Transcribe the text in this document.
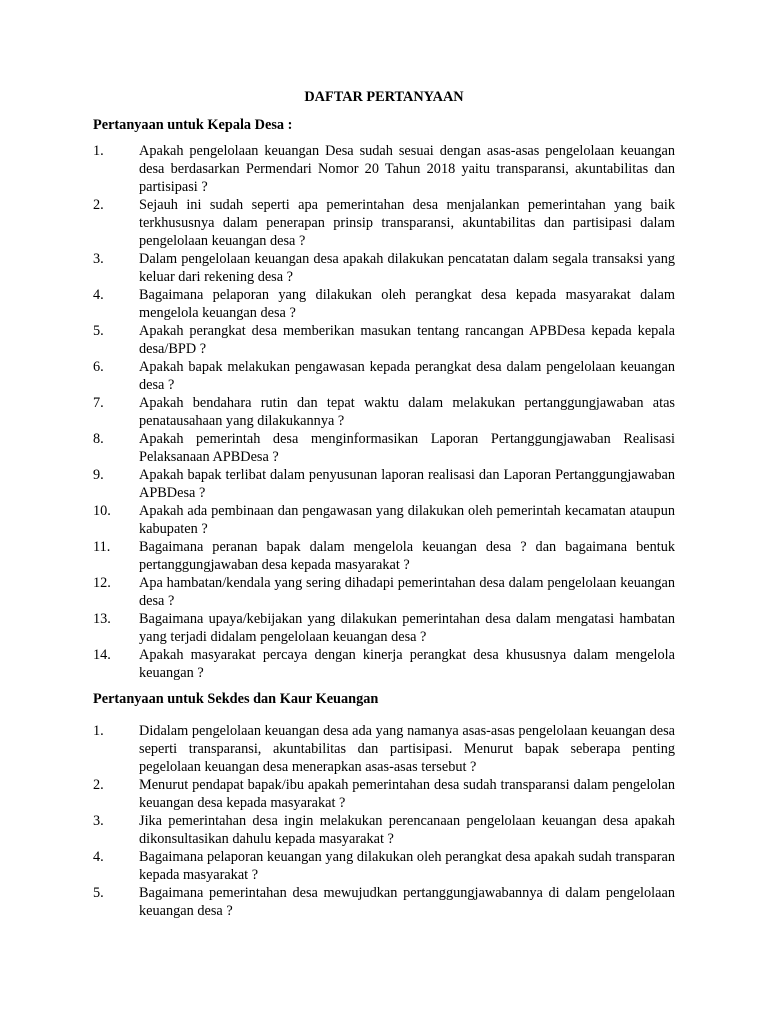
DAFTAR PERTANYAAN
Pertanyaan untuk Kepala Desa :
1.	Apakah pengelolaan keuangan Desa sudah sesuai dengan asas-asas pengelolaan keuangan desa berdasarkan Permendari Nomor 20 Tahun 2018 yaitu transparansi, akuntabilitas dan partisipasi ?
2.	Sejauh ini sudah seperti apa pemerintahan desa menjalankan pemerintahan yang baik terkhususnya dalam penerapan prinsip transparansi, akuntabilitas dan partisipasi dalam pengelolaan keuangan desa ?
3.	Dalam pengelolaan keuangan desa apakah dilakukan pencatatan dalam segala transaksi yang keluar dari rekening desa ?
4.	Bagaimana pelaporan yang dilakukan oleh perangkat desa kepada masyarakat dalam mengelola keuangan desa ?
5.	Apakah perangkat desa memberikan masukan tentang rancangan APBDesa kepada kepala desa/BPD ?
6.	Apakah bapak melakukan pengawasan kepada perangkat desa dalam pengelolaan keuangan desa ?
7.	Apakah bendahara rutin dan tepat waktu dalam melakukan pertanggungjawaban atas penatausahaan yang dilakukannya ?
8.	Apakah pemerintah desa menginformasikan Laporan Pertanggungjawaban Realisasi Pelaksanaan APBDesa ?
9.	Apakah bapak terlibat dalam penyusunan laporan realisasi dan Laporan Pertanggungjawaban APBDesa ?
10.	Apakah ada pembinaan dan pengawasan yang dilakukan oleh pemerintah kecamatan ataupun kabupaten ?
11.	Bagaimana peranan bapak dalam mengelola keuangan desa ? dan bagaimana bentuk pertanggungjawaban desa kepada masyarakat ?
12.	Apa hambatan/kendala yang sering dihadapi pemerintahan desa dalam pengelolaan keuangan desa ?
13.	Bagaimana upaya/kebijakan yang dilakukan pemerintahan desa dalam mengatasi hambatan yang terjadi didalam pengelolaan keuangan desa ?
14.	Apakah masyarakat percaya dengan kinerja perangkat desa khususnya dalam mengelola keuangan ?
Pertanyaan untuk Sekdes dan Kaur Keuangan
1.	Didalam pengelolaan keuangan desa ada yang namanya asas-asas pengelolaan keuangan desa seperti transparansi, akuntabilitas dan partisipasi. Menurut bapak seberapa penting pegelolaan keuangan desa menerapkan asas-asas tersebut ?
2.	Menurut pendapat bapak/ibu apakah pemerintahan desa sudah transparansi dalam pengelolan keuangan desa kepada masyarakat ?
3.	Jika pemerintahan desa ingin melakukan perencanaan pengelolaan keuangan desa apakah dikonsultasikan dahulu kepada masyarakat ?
4.	Bagaimana pelaporan keuangan yang dilakukan oleh perangkat desa apakah sudah transparan kepada masyarakat ?
5.	Bagaimana pemerintahan desa mewujudkan pertanggungjawabannya di dalam pengelolaan keuangan desa ?
